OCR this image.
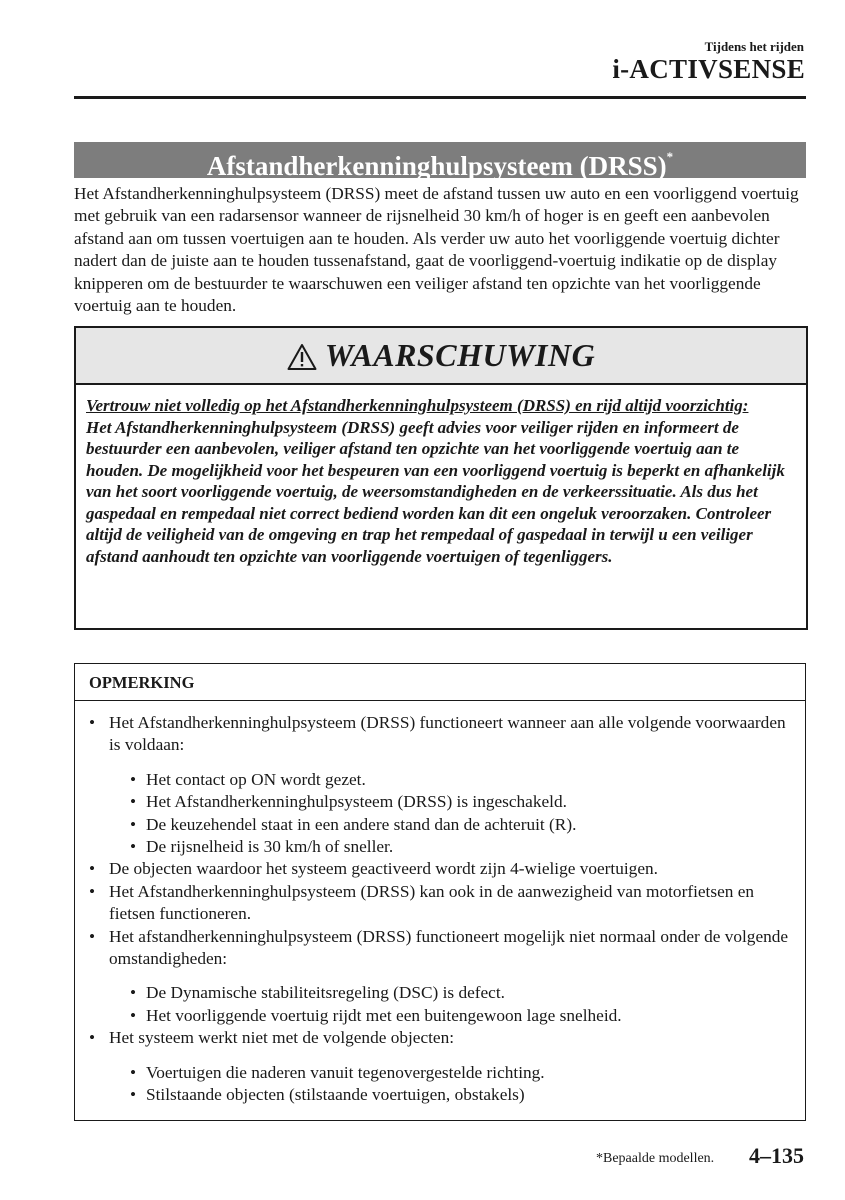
Tijdens het rijden
i-ACTIVSENSE
Afstandherkenninghulpsysteem (DRSS)*
Het Afstandherkenninghulpsysteem (DRSS) meet de afstand tussen uw auto en een voorliggend voertuig met gebruik van een radarsensor wanneer de rijsnelheid 30 km/h of hoger is en geeft een aanbevolen afstand aan om tussen voertuigen aan te houden. Als verder uw auto het voorliggende voertuig dichter nadert dan de juiste aan te houden tussenafstand, gaat de voorliggend-voertuig indikatie op de display knipperen om de bestuurder te waarschuwen een veiliger afstand ten opzichte van het voorliggende voertuig aan te houden.
WAARSCHUWING
Vertrouw niet volledig op het Afstandherkenninghulpsysteem (DRSS) en rijd altijd voorzichtig:
Het Afstandherkenninghulpsysteem (DRSS) geeft advies voor veiliger rijden en informeert de bestuurder een aanbevolen, veiliger afstand ten opzichte van het voorliggende voertuig aan te houden. De mogelijkheid voor het bespeuren van een voorliggend voertuig is beperkt en afhankelijk van het soort voorliggende voertuig, de weersomstandigheden en de verkeerssituatie. Als dus het gaspedaal en rempedaal niet correct bediend worden kan dit een ongeluk veroorzaken. Controleer altijd de veiligheid van de omgeving en trap het rempedaal of gaspedaal in terwijl u een veiliger afstand aanhoudt ten opzichte van voorliggende voertuigen of tegenliggers.
OPMERKING
• Het Afstandherkenninghulpsysteem (DRSS) functioneert wanneer aan alle volgende voorwaarden is voldaan:
• Het contact op ON wordt gezet.
• Het Afstandherkenninghulpsysteem (DRSS) is ingeschakeld.
• De keuzehendel staat in een andere stand dan de achteruit (R).
• De rijsnelheid is 30 km/h of sneller.
• De objecten waardoor het systeem geactiveerd wordt zijn 4-wielige voertuigen.
• Het Afstandherkenninghulpsysteem (DRSS) kan ook in de aanwezigheid van motorfietsen en fietsen functioneren.
• Het afstandherkenninghulpsysteem (DRSS) functioneert mogelijk niet normaal onder de volgende omstandigheden:
• De Dynamische stabiliteitsregeling (DSC) is defect.
• Het voorliggende voertuig rijdt met een buitengewoon lage snelheid.
• Het systeem werkt niet met de volgende objecten:
• Voertuigen die naderen vanuit tegenovergestelde richting.
• Stilstaande objecten (stilstaande voertuigen, obstakels)
*Bepaalde modellen. 4–135
